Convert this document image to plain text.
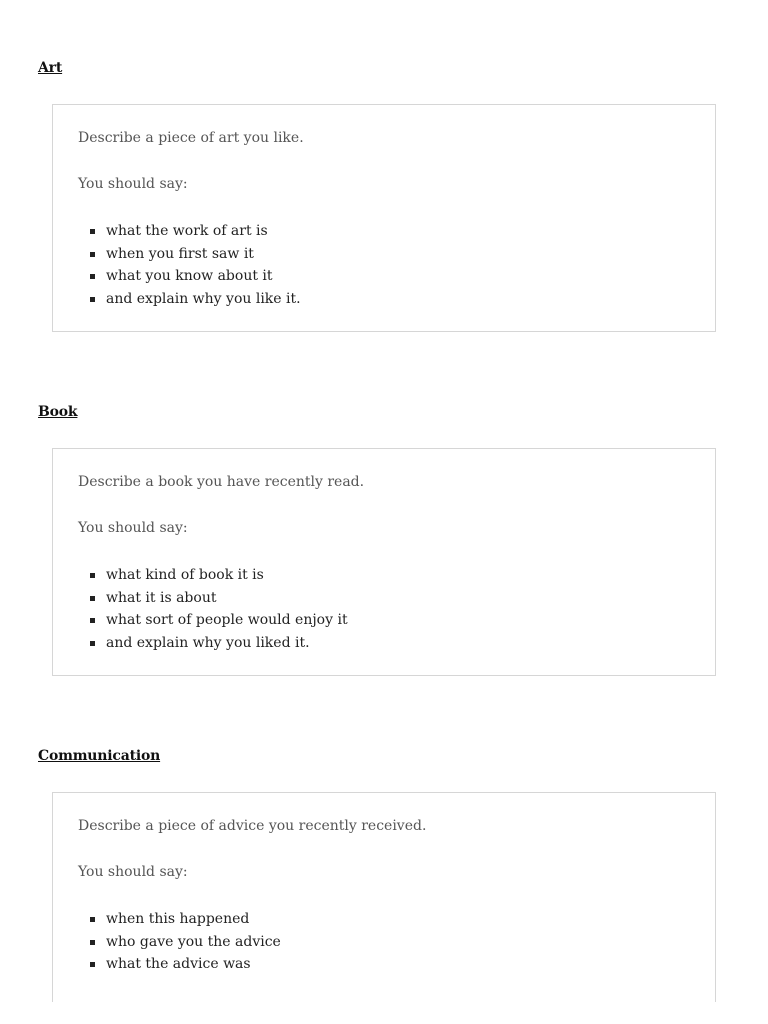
Art

Describe a piece of art you like.

You should say:

what the work of art is
when you first saw it
what you know about it
and explain why you like it.
Book

Describe a book you have recently read.

You should say:

what kind of book it is
what it is about
what sort of people would enjoy it
and explain why you liked it.
Communication

Describe a piece of advice you recently received.

You should say:

when this happened
who gave you the advice
what the advice was
